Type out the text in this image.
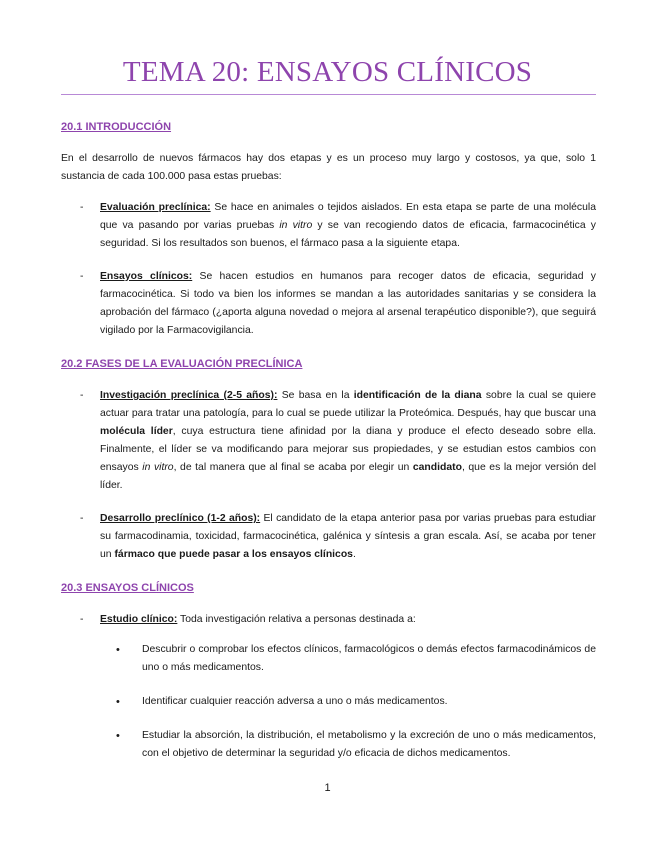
TEMA 20: ENSAYOS CLÍNICOS
20.1 INTRODUCCIÓN

En el desarrollo de nuevos fármacos hay dos etapas y es un proceso muy largo y costosos, ya que, solo 1 sustancia de cada 100.000 pasa estas pruebas:

- Evaluación preclínica: Se hace en animales o tejidos aislados. En esta etapa se parte de una molécula que va pasando por varias pruebas in vitro y se van recogiendo datos de eficacia, farmacocinética y seguridad. Si los resultados son buenos, el fármaco pasa a la siguiente etapa.
- Ensayos clínicos: Se hacen estudios en humanos para recoger datos de eficacia, seguridad y farmacocinética. Si todo va bien los informes se mandan a las autoridades sanitarias y se considera la aprobación del fármaco (¿aporta alguna novedad o mejora al arsenal terapéutico disponible?), que seguirá vigilado por la Farmacovigilancia.
20.2 FASES DE LA EVALUACIÓN PRECLÍNICA
- Investigación preclínica (2-5 años): Se basa en la identificación de la diana sobre la cual se quiere actuar para tratar una patología, para lo cual se puede utilizar la Proteómica. Después, hay que buscar una molécula líder, cuya estructura tiene afinidad por la diana y produce el efecto deseado sobre ella. Finalmente, el líder se va modificando para mejorar sus propiedades, y se estudian estos cambios con ensayos in vitro, de tal manera que al final se acaba por elegir un candidato, que es la mejor versión del líder.
- Desarrollo preclínico (1-2 años): El candidato de la etapa anterior pasa por varias pruebas para estudiar su farmacodinamia, toxicidad, farmacocinética, galénica y síntesis a gran escala. Así, se acaba por tener un fármaco que puede pasar a los ensayos clínicos.
20.3 ENSAYOS CLÍNICOS
- Estudio clínico: Toda investigación relativa a personas destinada a:
• Descubrir o comprobar los efectos clínicos, farmacológicos o demás efectos farmacodinámicos de uno o más medicamentos.
• Identificar cualquier reacción adversa a uno o más medicamentos.
• Estudiar la absorción, la distribución, el metabolismo y la excreción de uno o más medicamentos, con el objetivo de determinar la seguridad y/o eficacia de dichos medicamentos.
1
